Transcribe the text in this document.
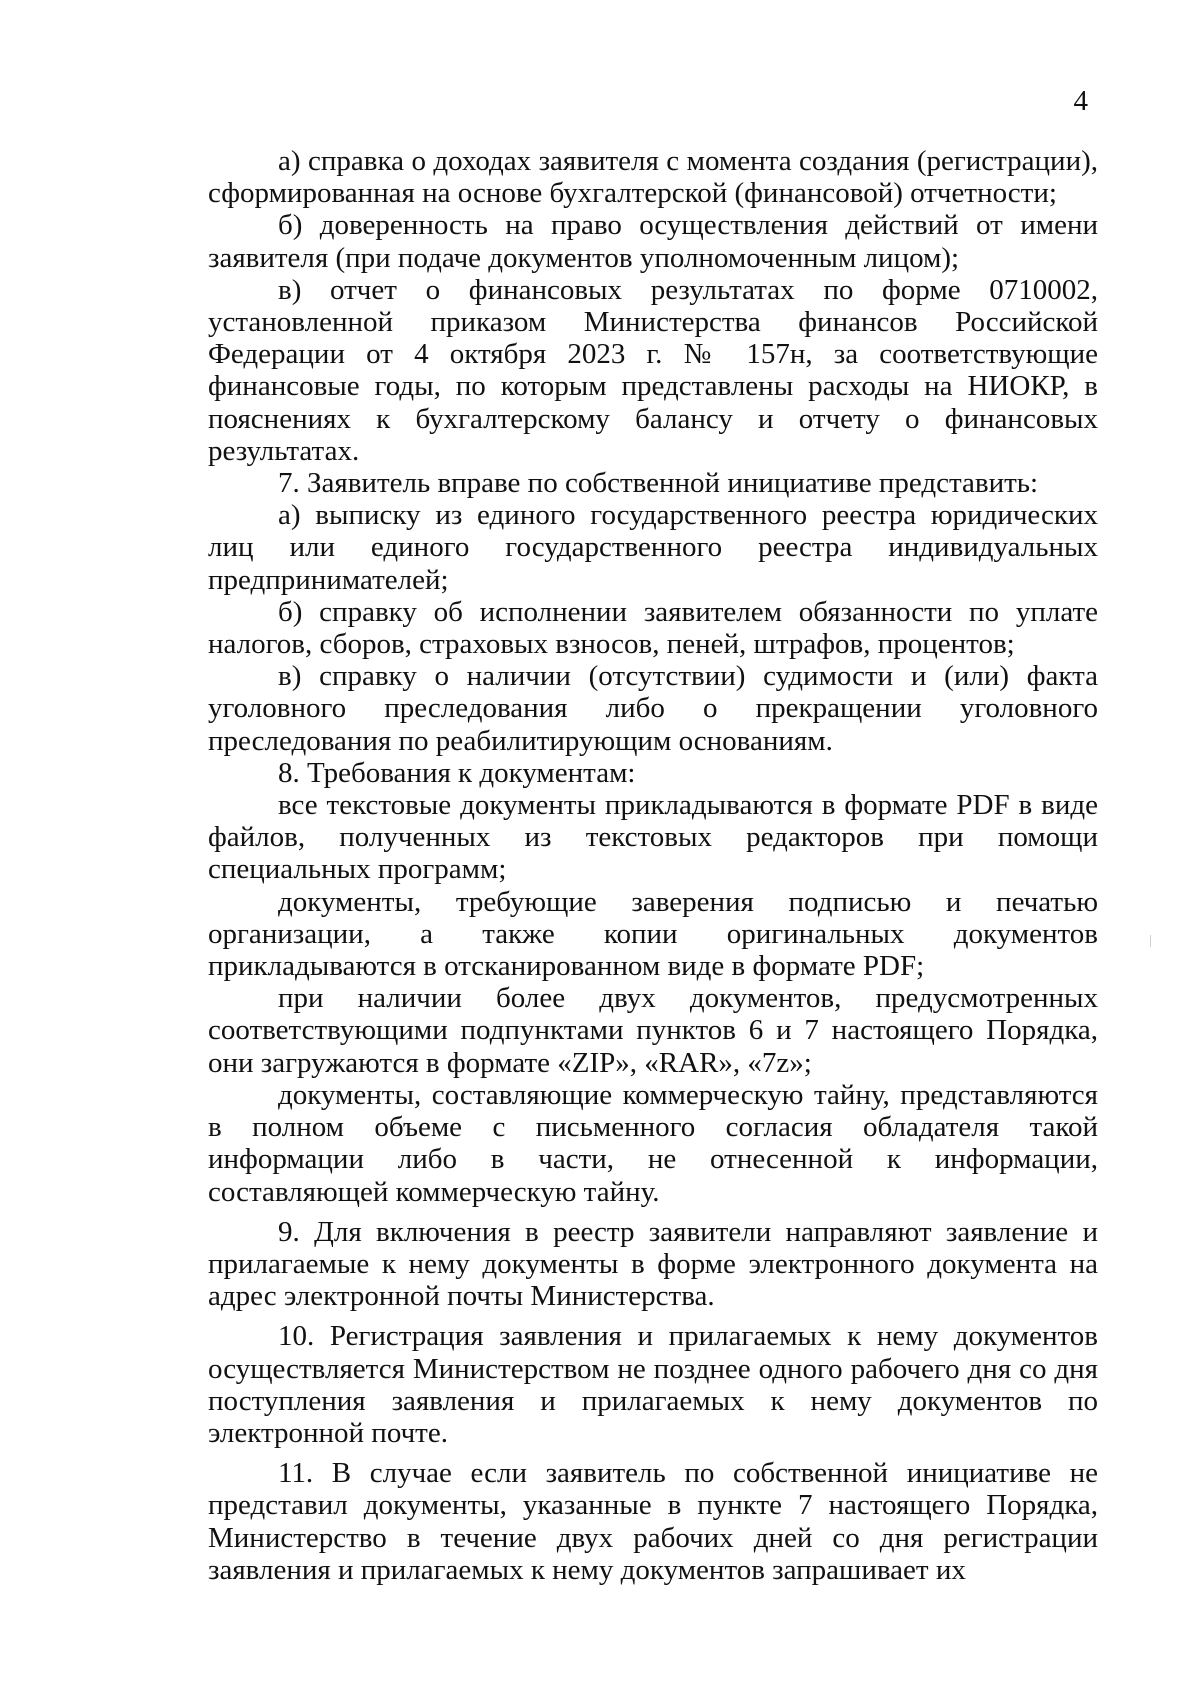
4

а) справка о доходах заявителя с момента создания (регистрации), сформированная на основе бухгалтерской (финансовой) отчетности;

б) доверенность на право осуществления действий от имени заявителя (при подаче документов уполномоченным лицом);

в) отчет о финансовых результатах по форме 0710002, установленной приказом Министерства финансов Российской Федерации от 4 октября 2023 г. № 157н, за соответствующие финансовые годы, по которым представлены расходы на НИОКР, в пояснениях к бухгалтерскому балансу и отчету о финансовых результатах.

7. Заявитель вправе по собственной инициативе представить:

а) выписку из единого государственного реестра юридических лиц или единого государственного реестра индивидуальных предпринимателей;

б) справку об исполнении заявителем обязанности по уплате налогов, сборов, страховых взносов, пеней, штрафов, процентов;

в) справку о наличии (отсутствии) судимости и (или) факта уголовного преследования либо о прекращении уголовного преследования по реабилитирующим основаниям.

8. Требования к документам:

все текстовые документы прикладываются в формате PDF в виде файлов, полученных из текстовых редакторов при помощи специальных программ;

документы, требующие заверения подписью и печатью организации, а также копии оригинальных документов прикладываются в отсканированном виде в формате PDF;

при наличии более двух документов, предусмотренных соответствующими подпунктами пунктов 6 и 7 настоящего Порядка, они загружаются в формате «ZIP», «RAR», «7z»;

документы, составляющие коммерческую тайну, представляются в полном объеме с письменного согласия обладателя такой информации либо в части, не отнесенной к информации, составляющей коммерческую тайну.

9. Для включения в реестр заявители направляют заявление и прилагаемые к нему документы в форме электронного документа на адрес электронной почты Министерства.

10. Регистрация заявления и прилагаемых к нему документов осуществляется Министерством не позднее одного рабочего дня со дня поступления заявления и прилагаемых к нему документов по электронной почте.

11. В случае если заявитель по собственной инициативе не представил документы, указанные в пункте 7 настоящего Порядка, Министерство в течение двух рабочих дней со дня регистрации заявления и прилагаемых к нему документов запрашивает их
